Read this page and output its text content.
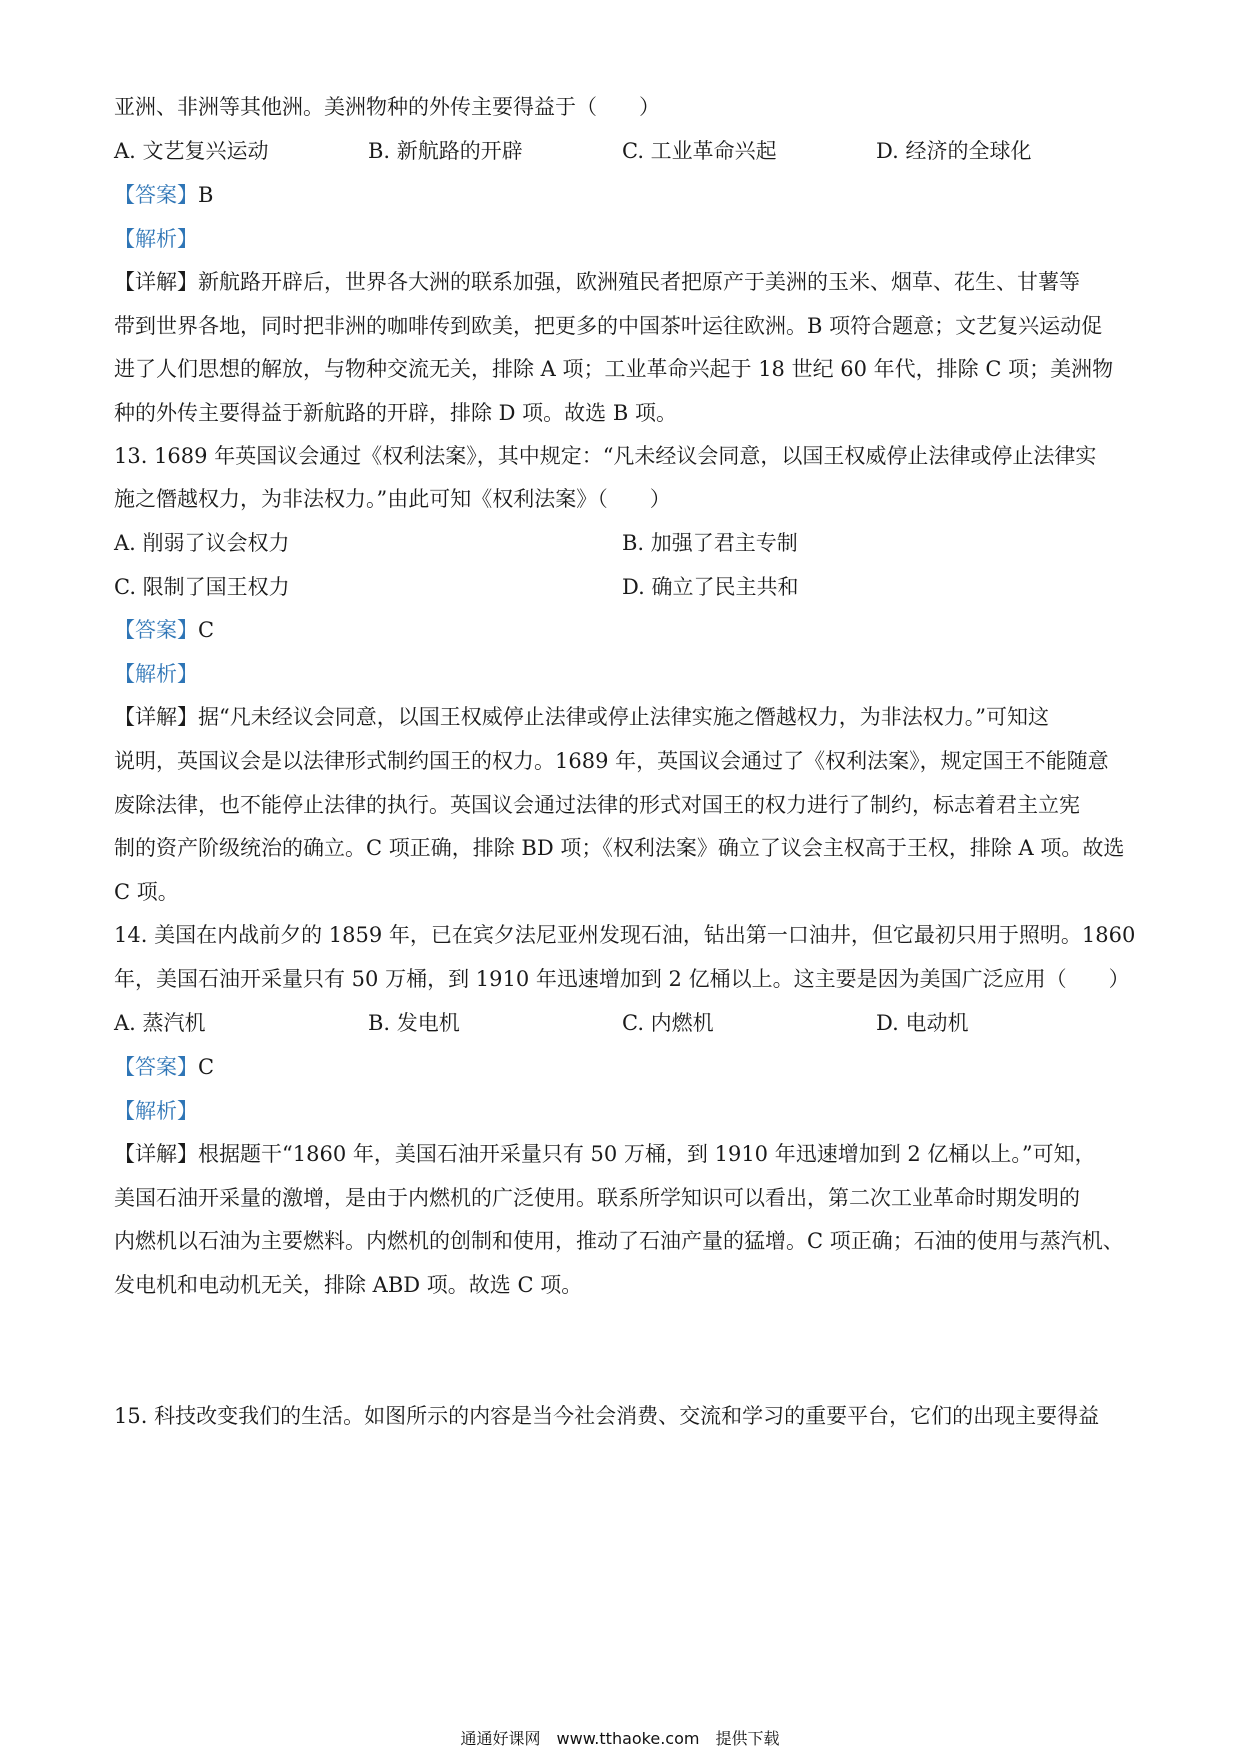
亚洲、非洲等其他洲。美洲物种的外传主要得益于（　　）
A. 文艺复兴运动	B. 新航路的开辟	C. 工业革命兴起	D. 经济的全球化
【答案】B
【解析】
【详解】新航路开辟后，世界各大洲的联系加强，欧洲殖民者把原产于美洲的玉米、烟草、花生、甘薯等
带到世界各地，同时把非洲的咖啡传到欧美，把更多的中国茶叶运往欧洲。B 项符合题意；文艺复兴运动促
进了人们思想的解放，与物种交流无关，排除 A 项；工业革命兴起于 18 世纪 60 年代，排除 C 项；美洲物
种的外传主要得益于新航路的开辟，排除 D 项。故选 B 项。
13. 1689 年英国议会通过《权利法案》，其中规定：“凡未经议会同意，以国王权威停止法律或停止法律实
施之僭越权力，为非法权力。”由此可知《权利法案》（　　）
A. 削弱了议会权力	B. 加强了君主专制
C. 限制了国王权力	D. 确立了民主共和
【答案】C
【解析】
【详解】据“凡未经议会同意，以国王权威停止法律或停止法律实施之僭越权力，为非法权力。”可知这
说明，英国议会是以法律形式制约国王的权力。1689 年，英国议会通过了《权利法案》，规定国王不能随意
废除法律，也不能停止法律的执行。英国议会通过法律的形式对国王的权力进行了制约，标志着君主立宪
制的资产阶级统治的确立。C 项正确，排除 BD 项；《权利法案》确立了议会主权高于王权，排除 A 项。故选
C 项。
14. 美国在内战前夕的 1859 年，已在宾夕法尼亚州发现石油，钻出第一口油井，但它最初只用于照明。1860
年，美国石油开采量只有 50 万桶，到 1910 年迅速增加到 2 亿桶以上。这主要是因为美国广泛应用（　　）
A. 蒸汽机	B. 发电机	C. 内燃机	D. 电动机
【答案】C
【解析】
【详解】根据题干“1860 年，美国石油开采量只有 50 万桶，到 1910 年迅速增加到 2 亿桶以上。”可知，
美国石油开采量的激增，是由于内燃机的广泛使用。联系所学知识可以看出，第二次工业革命时期发明的
内燃机以石油为主要燃料。内燃机的创制和使用，推动了石油产量的猛增。C 项正确；石油的使用与蒸汽机、
发电机和电动机无关，排除 ABD 项。故选 C 项。
15. 科技改变我们的生活。如图所示的内容是当今社会消费、交流和学习的重要平台，它们的出现主要得益
通通好课网　www.tthaoke.com　提供下载
